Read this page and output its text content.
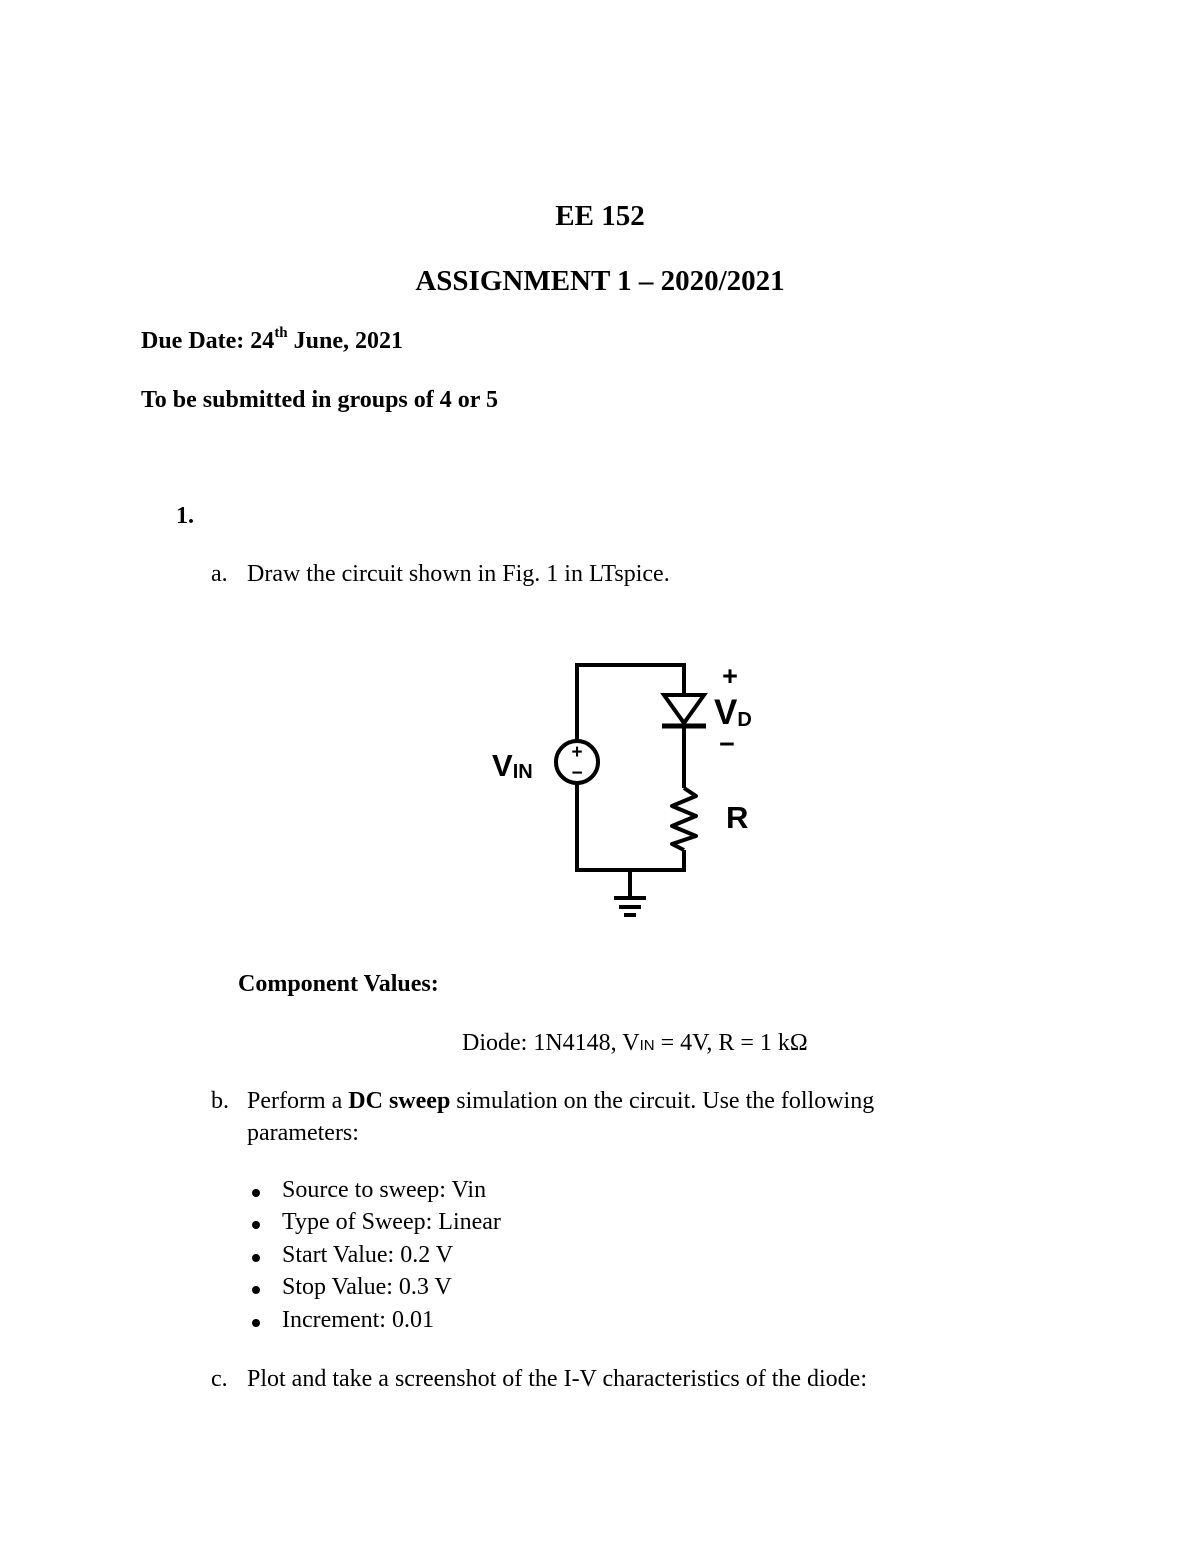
EE 152
ASSIGNMENT 1 – 2020/2021
Due Date: 24th June, 2021
To be submitted in groups of 4 or 5
1.
a. Draw the circuit shown in Fig. 1 in LTspice.
+
−
VIN
+
VD
−
R
Component Values:
Diode: 1N4148, VIN = 4V, R = 1 kΩ
b. Perform a DC sweep simulation on the circuit. Use the following
parameters:
Source to sweep: Vin
Type of Sweep: Linear
Start Value: 0.2 V
Stop Value: 0.3 V
Increment: 0.01
c. Plot and take a screenshot of the I-V characteristics of the diode:
